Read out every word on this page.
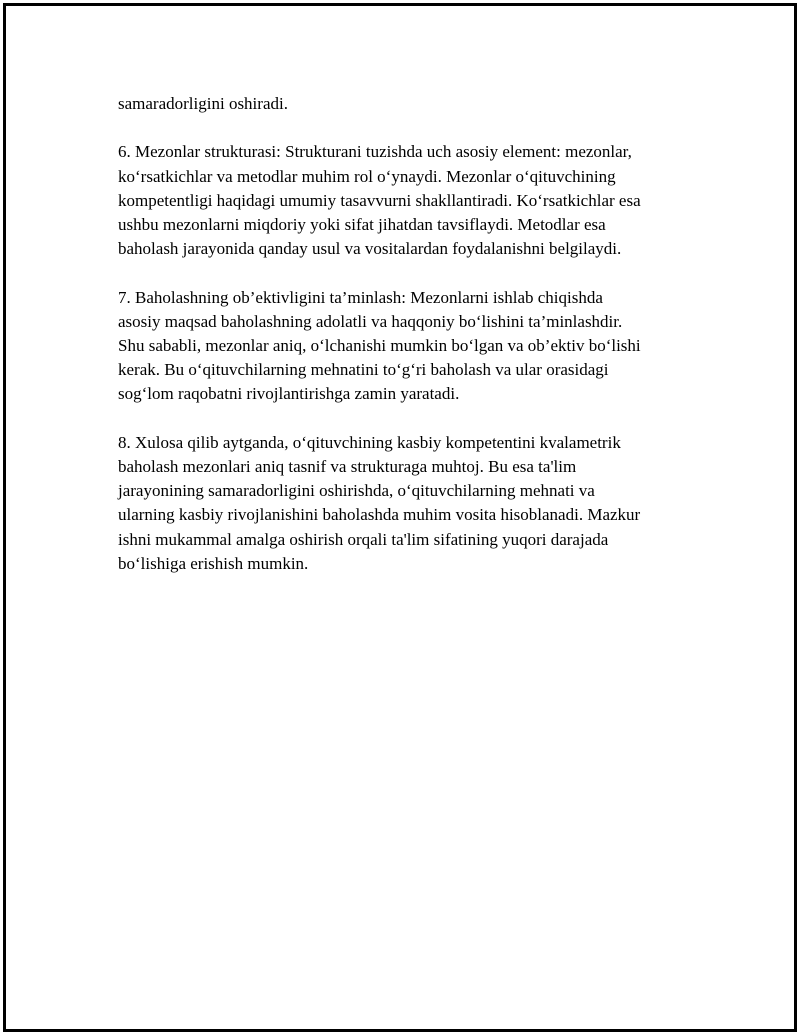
samaradorligini oshiradi.

6. Mezonlar strukturasi: Strukturani tuzishda uch asosiy element: mezonlar,
ko‘rsatkichlar va metodlar muhim rol o‘ynaydi. Mezonlar o‘qituvchining
kompetentligi haqidagi umumiy tasavvurni shakllantiradi. Ko‘rsatkichlar esa
ushbu mezonlarni miqdoriy yoki sifat jihatdan tavsiflaydi. Metodlar esa
baholash jarayonida qanday usul va vositalardan foydalanishni belgilaydi.

7. Baholashning ob’ektivligini ta’minlash: Mezonlarni ishlab chiqishda
asosiy maqsad baholashning adolatli va haqqoniy bo‘lishini ta’minlashdir.
Shu sababli, mezonlar aniq, o‘lchanishi mumkin bo‘lgan va ob’ektiv bo‘lishi
kerak. Bu o‘qituvchilarning mehnatini to‘g‘ri baholash va ular orasidagi
sog‘lom raqobatni rivojlantirishga zamin yaratadi.

8. Xulosa qilib aytganda, o‘qituvchining kasbiy kompetentini kvalametrik
baholash mezonlari aniq tasnif va strukturaga muhtoj. Bu esa ta'lim
jarayonining samaradorligini oshirishda, o‘qituvchilarning mehnati va
ularning kasbiy rivojlanishini baholashda muhim vosita hisoblanadi. Mazkur
ishni mukammal amalga oshirish orqali ta'lim sifatining yuqori darajada
bo‘lishiga erishish mumkin.
